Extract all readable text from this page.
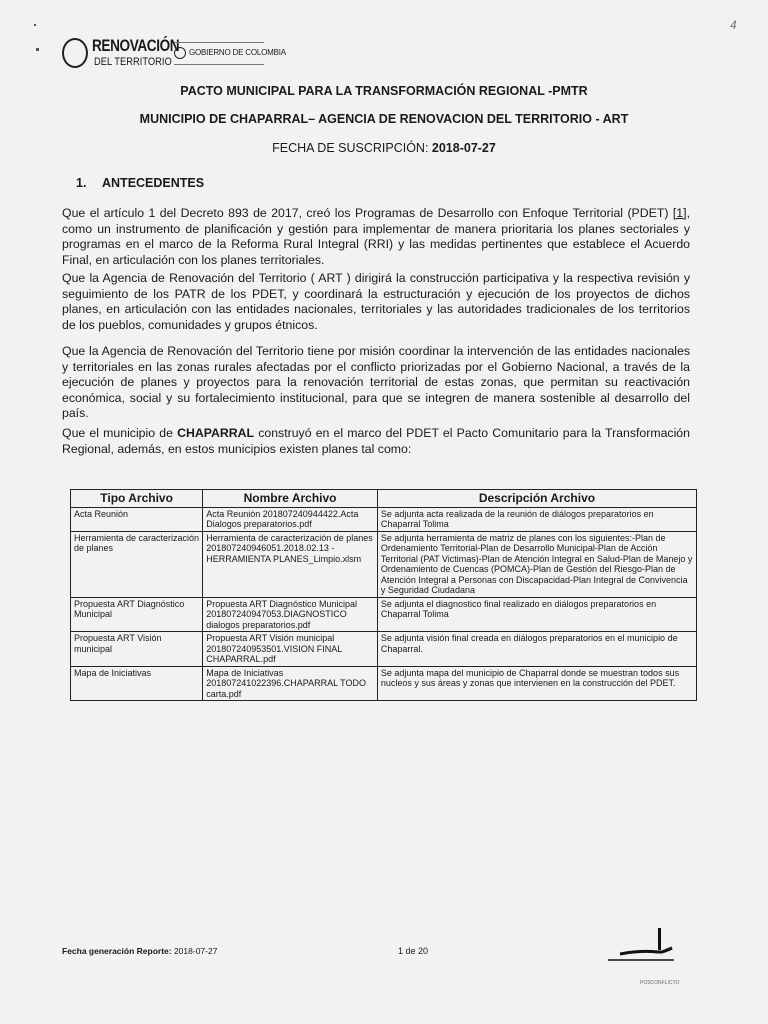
RENOVACIÓN
DEL TERRITORIO
GOBIERNO DE COLOMBIA
4
PACTO MUNICIPAL PARA LA TRANSFORMACIÓN REGIONAL -PMTR
MUNICIPIO DE CHAPARRAL– AGENCIA DE RENOVACION DEL TERRITORIO - ART
FECHA DE SUSCRIPCIÓN: 2018-07-27
1. ANTECEDENTES
Que el artículo 1 del Decreto 893 de 2017, creó los Programas de Desarrollo con Enfoque Territorial (PDET) [1], como un instrumento de planificación y gestión para implementar de manera prioritaria los planes sectoriales y programas en el marco de la Reforma Rural Integral (RRI) y las medidas pertinentes que establece el Acuerdo Final, en articulación con los planes territoriales.
Que la Agencia de Renovación del Territorio ( ART ) dirigirá la construcción participativa y la respectiva revisión y seguimiento de los PATR de los PDET, y coordinará la estructuración y ejecución de los proyectos de dichos planes, en articulación con las entidades nacionales, territoriales y las autoridades tradicionales de los territorios de los pueblos, comunidades y grupos étnicos.
Que la Agencia de Renovación del Territorio tiene por misión coordinar la intervención de las entidades nacionales y territoriales en las zonas rurales afectadas por el conflicto priorizadas por el Gobierno Nacional, a través de la ejecución de planes y proyectos para la renovación territorial de estas zonas, que permitan su reactivación económica, social y su fortalecimiento institucional, para que se integren de manera sostenible al desarrollo del país.
Que el municipio de CHAPARRAL construyó en el marco del PDET el Pacto Comunitario para la Transformación Regional, además, en estos municipios existen planes tal como:
Tipo Archivo	Nombre Archivo	Descripción Archivo
Acta Reunión	Acta Reunión 201807240944422.Acta Dialogos preparatorios.pdf	Se adjunta acta realizada de la reunión de diálogos preparatorios en Chaparral Tolima
Herramienta de caracterización de planes	Herramienta de caracterización de planes 201807240946051.2018.02.13 - HERRAMIENTA PLANES_Limpio.xlsm	Se adjunta herramienta de matriz de planes con los siguientes:-Plan de Ordenamiento Territorial-Plan de Desarrollo Municipal-Plan de Acción Territorial (PAT Victimas)-Plan de Atención Integral en Salud-Plan de Manejo y Ordenamiento de Cuencas (POMCA)-Plan de Gestión del Riesgo-Plan de Atención Integral a Personas con Discapacidad-Plan Integral de Convivencia y Seguridad Ciudadana
Propuesta ART Diagnóstico Municipal	Propuesta ART Diagnóstico Municipal 201807240947053.DIAGNOSTICO dialogos preparatorios.pdf	Se adjunta el diagnostico final realizado en diálogos preparatorios en Chaparral Tolima
Propuesta ART Visión municipal	Propuesta ART Visión municipal 201807240953501.VISION FINAL CHAPARRAL.pdf	Se adjunta visión final creada en diálogos preparatorios en el municipio de Chaparral.
Mapa de Iniciativas	Mapa de Iniciativas 201807241022396.CHAPARRAL TODO carta.pdf	Se adjunta mapa del municipio de Chaparral donde se muestran todos sus nucleos y sus áreas y zonas que intervienen en la construcción del PDET.
Fecha generación Reporte: 2018-07-27	1 de 20
POSCONFLICTO
